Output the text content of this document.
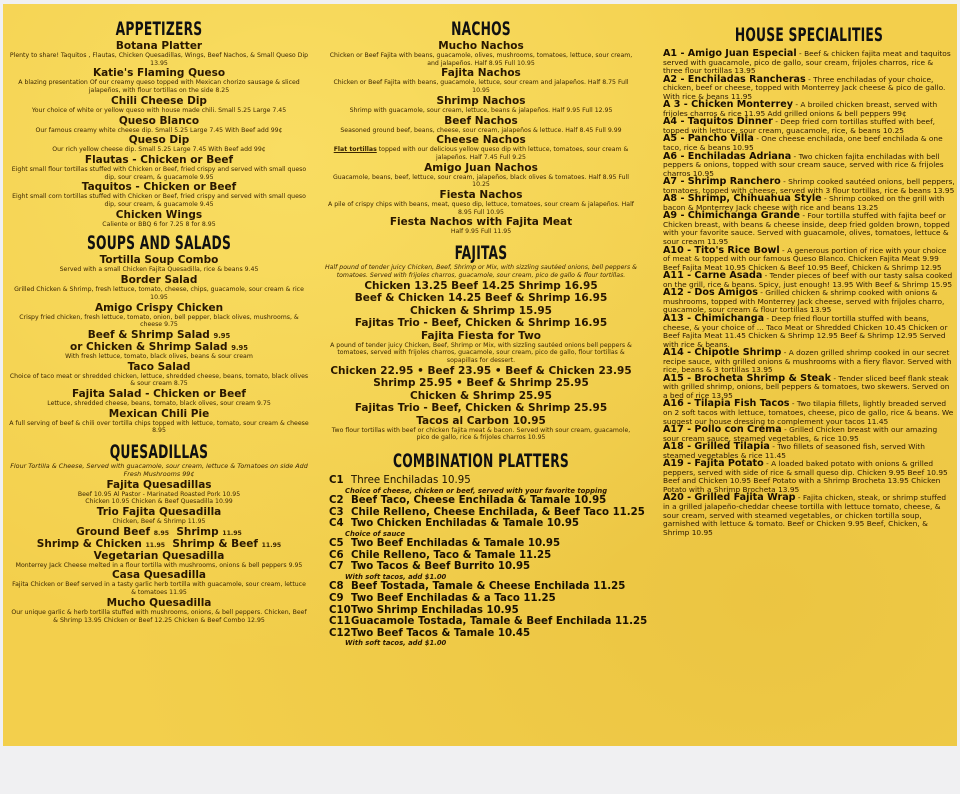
APPETIZERS
Botana Platter
Plenty to share! Taquitos , Flautas, Chicken Quesadillas, Wings, Beef Nachos, & Small Queso Dip 13.95
Katie's Flaming Queso
A blazing presentation Of our creamy queso topped with Mexican chorizo sausage & sliced jalapeños, with flour tortillas on the side 8.25
Chili Cheese Dip
Your choice of white or yellow queso with house made chili. Small 5.25 Large 7.45
Queso Blanco
Our famous creamy white cheese dip. Small 5.25 Large 7.45 With Beef add 99¢
Queso Dip
Our rich yellow cheese dip. Small 5.25 Large 7.45 With Beef add 99¢
Flautas - Chicken or Beef
Eight small flour tortillas stuffed with Chicken or Beef, fried crispy and served with small queso dip, sour cream, & guacamole 9.95
Taquitos - Chicken or Beef
Eight small corn tortillas stuffed with Chicken or Beef, fried crispy and served with small queso dip, sour cream, & guacamole 9.45
Chicken Wings
Caliente or BBQ 6 for 7.25 8 for 8.95
SOUPS AND SALADS
Tortilla Soup Combo
Served with a small Chicken Fajita Quesadilla, rice & beans 9.45
Border Salad
Grilled Chicken & Shrimp, fresh lettuce, tomato, cheese, chips, guacamole, sour cream & rice 10.95
Amigo Crispy Chicken
Crispy fried chicken, fresh lettuce, tomato, onion, bell pepper, black olives, mushrooms, & cheese 9.75
Beef & Shrimp Salad 9.95
or Chicken & Shrimp Salad 9.95
With fresh lettuce, tomato, black olives, beans & sour cream
Taco Salad
Choice of taco meat or shredded chicken, lettuce, shredded cheese, beans, tomato, black olives & sour cream 8.75
Fajita Salad - Chicken or Beef
Lettuce, shredded cheese, beans, tomato, black olives, sour cream 9.75
Mexican Chili Pie
A full serving of beef & chili over tortilla chips topped with lettuce, tomato, sour cream & cheese 8.95
QUESADILLAS
Flour Tortilla & Cheese, Served with guacamole, sour cream, lettuce & Tomatoes on side Add Fresh Mushrooms 99¢
Fajita Quesadillas
Beef 10.95 Al Pastor - Marinated Roasted Pork 10.95
Chicken 10.95 Chicken & Beef Quesadilla 10.99
Trio Fajita Quesadilla
Chicken, Beef & Shrimp 11.95
Ground Beef 8.95 Shrimp 11.95
Shrimp & Chicken 11.95 Shrimp & Beef 11.95
Vegetarian Quesadilla
Monterrey Jack Cheese melted in a flour tortilla with mushrooms, onions & bell peppers 9.95
Casa Quesadilla
Fajita Chicken or Beef served in a tasty garlic herb tortilla with guacamole, sour cream, lettuce & tomatoes 11.95
Mucho Quesadilla
Our unique garlic & herb tortilla stuffed with mushrooms, onions, & bell peppers. Chicken, Beef & Shrimp 13.95 Chicken or Beef 12.25 Chicken & Beef Combo 12.95
NACHOS
Mucho Nachos
Chicken or Beef Fajita with beans, guacamole, olives, mushrooms, tomatoes, lettuce, sour cream, and jalapeños. Half 8.95 Full 10.95
Fajita Nachos
Chicken or Beef Fajita with beans, guacamole, lettuce, sour cream and jalapeños. Half 8.75 Full 10.95
Shrimp Nachos
Shrimp with guacamole, sour cream, lettuce, beans & jalapeños. Half 9.95 Full 12.95
Beef Nachos
Seasoned ground beef, beans, cheese, sour cream, jalapeños & lettuce. Half 8.45 Full 9.99
Cheese Nachos
Flat tortillas topped with our delicious yellow queso dip with lettuce, tomatoes, sour cream & jalapeños. Half 7.45 Full 9.25
Amigo Juan Nachos
Guacamole, beans, beef, lettuce, sour cream, jalapeños, black olives & tomatoes. Half 8.95 Full 10.25
Fiesta Nachos
A pile of crispy chips with beans, meat, queso dip, lettuce, tomatoes, sour cream & jalapeños. Half 8.95 Full 10.95
Fiesta Nachos with Fajita Meat
Half 9.95 Full 11.95
FAJITAS
Half pound of tender juicy Chicken, Beef, Shrimp or Mix, with sizzling sautéed onions, bell peppers & tomatoes. Served with frijoles charros, guacamole, sour cream, pico de gallo & flour tortillas.
Chicken 13.25 Beef 14.25 Shrimp 16.95
Beef & Chicken 14.25 Beef & Shrimp 16.95
Chicken & Shrimp 15.95
Fajitas Trio - Beef, Chicken & Shrimp 16.95
Fajita Fiesta for Two
A pound of tender juicy Chicken, Beef, Shrimp or Mix, with sizzling sautéed onions bell peppers & tomatoes, served with frijoles charros, guacamole, sour cream, pico de gallo, flour tortillas & sopapillas for dessert.
Chicken 22.95 • Beef 23.95 • Beef & Chicken 23.95
Shrimp 25.95 • Beef & Shrimp 25.95
Chicken & Shrimp 25.95
Fajitas Trio - Beef, Chicken & Shrimp 25.95
Tacos al Carbon 10.95
Two flour tortillas with beef or chicken fajita meat & bacon. Served with sour cream, guacamole, pico de gallo, rice & frijoles charros 10.95
COMBINATION PLATTERS
C1 Three Enchiladas 10.95
Choice of cheese, chicken or beef, served with your favorite topping
C2 Beef Taco, Cheese Enchilada & Tamale 10.95
C3 Chile Relleno, Cheese Enchilada, & Beef Taco 11.25
C4 Two Chicken Enchiladas & Tamale 10.95
Choice of sauce
C5 Two Beef Enchiladas & Tamale 10.95
C6 Chile Relleno, Taco & Tamale 11.25
C7 Two Tacos & Beef Burrito 10.95
With soft tacos, add $1.00
C8 Beef Tostada, Tamale & Cheese Enchilada 11.25
C9 Two Beef Enchiladas & a Taco 11.25
C10Two Shrimp Enchiladas 10.95
C11Guacamole Tostada, Tamale & Beef Enchilada 11.25
C12Two Beef Tacos & Tamale 10.45
With soft tacos, add $1.00
HOUSE SPECIALITIES
A1 - Amigo Juan Especial - Beef & chicken fajita meat and taquitos served with guacamole, pico de gallo, sour cream, frijoles charros, rice & three flour tortillas 13.95
A2 - Enchiladas Rancheras - Three enchiladas of your choice, chicken, beef or cheese, topped with Monterrey Jack cheese & pico de gallo. With rice & beans 11.95
A 3 - Chicken Monterrey - A broiled chicken breast, served with frijoles charros & rice 11.95 Add grilled onions & bell peppers 99¢
A4 - Taquitos Dinner - Deep fried corn tortillas stuffed with beef, topped with lettuce, sour cream, guacamole, rice, & beans 10.25
A5 - Pancho Villa - One cheese enchilada, one beef enchilada & one taco, rice & beans 10.95
A6 - Enchiladas Adriana - Two chicken fajita enchiladas with bell peppers & onions, topped with sour cream sauce, served with rice & frijoles charros 10.95
A7 - Shrimp Ranchero - Shrimp cooked sautéed onions, bell peppers, tomatoes, topped with cheese, served with 3 flour tortillas, rice & beans 13.95
A8 - Shrimp, Chihuahua Style - Shrimp cooked on the grill with bacon & Monterrey Jack cheese with rice and beans 13.25
A9 - Chimichanga Grande - Four tortilla stuffed with fajita beef or Chicken breast, with beans & cheese inside, deep fried golden brown, topped with your favorite sauce. Served with guacamole, olives, tomatoes, lettuce & sour cream 11.95
A10 - Tito's Rice Bowl - A generous portion of rice with your choice of meat & topped with our famous Queso Blanco. Chicken Fajita Meat 9.99 Beef Fajita Meat 10.95 Chicken & Beef 10.95 Beef, Chicken & Shrimp 12.95
A11 - Carne Asada - Tender pieces of beef with our tasty salsa cooked on the grill, rice & beans. Spicy, just enough! 13.95 With Beef & Shrimp 15.95
A12 - Dos Amigos - Grilled chicken & shrimp cooked with onions & mushrooms, topped with Monterrey Jack cheese, served with frijoles charro, guacamole, sour cream & flour tortillas 13.95
A13 - Chimichanga - Deep fried flour tortilla stuffed with beans, cheese, & your choice of ... Taco Meat or Shredded Chicken 10.45 Chicken or Beef Fajita Meat 11.45 Chicken & Shrimp 12.95 Beef & Shrimp 12.95 Served with rice & beans.
A14 - Chipotle Shrimp - A dozen grilled shrimp cooked in our secret recipe sauce, with grilled onions & mushrooms with a fiery flavor. Served with rice, beans & 3 tortillas 13.95
A15 - Brocheta Shrimp & Steak - Tender sliced beef flank steak with grilled shrimp, onions, bell peppers & tomatoes, two skewers. Served on a bed of rice 13.95
A16 - Tilapia Fish Tacos - Two tilapia fillets, lightly breaded served on 2 soft tacos with lettuce, tomatoes, cheese, pico de gallo, rice & beans. We suggest our house dressing to complement your tacos 11.45
A17 - Pollo con Crema - Grilled Chicken breast with our amazing sour cream sauce, steamed vegetables, & rice 10.95
A18 - Grilled Tilapia - Two fillets of seasoned fish, served With steamed vegetables & rice 11.45
A19 - Fajita Potato - A loaded baked potato with onions & grilled peppers, served with side of rice & small queso dip. Chicken 9.95 Beef 10.95 Beef and Chicken 10.95 Beef Potato with a Shrimp Brocheta 13.95 Chicken Potato with a Shrimp Brocheta 13.95
A20 - Grilled Fajita Wrap - Fajita chicken, steak, or shrimp stuffed in a grilled jalapeño-cheddar cheese tortilla with lettuce tomato, cheese, & sour cream, served with steamed vegetables, or chicken tortilla soup, garnished with lettuce & tomato. Beef or Chicken 9.95 Beef, Chicken, & Shrimp 10.95
